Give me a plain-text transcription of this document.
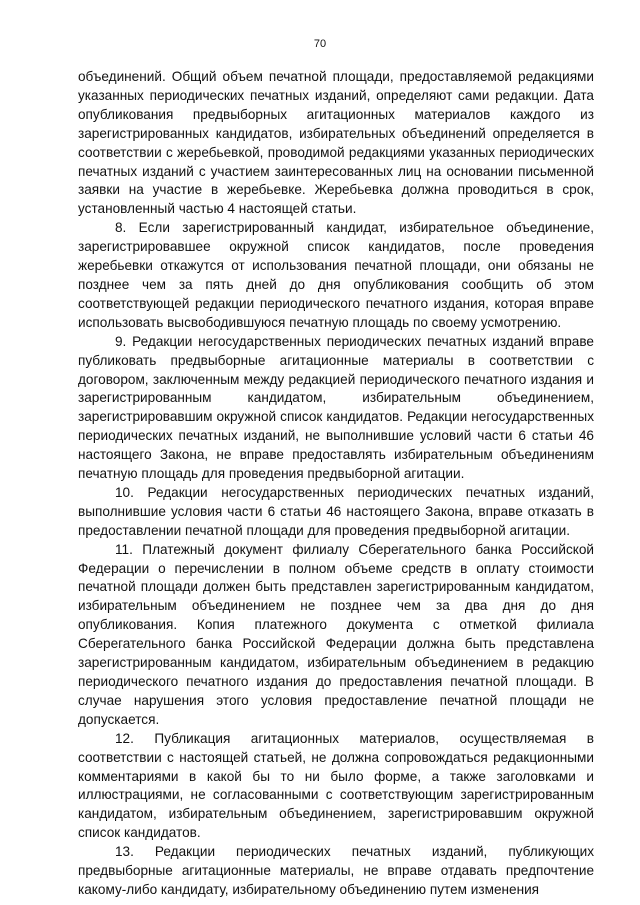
70

объединений. Общий объем печатной площади, предоставляемой редакциями указанных периодических печатных изданий, определяют сами редакции. Дата опубликования предвыборных агитационных материалов каждого из зарегистрированных кандидатов, избирательных объединений определяется в соответствии с жеребьевкой, проводимой редакциями указанных периодических печатных изданий с участием заинтересованных лиц на основании письменной заявки на участие в жеребьевке. Жеребьевка должна проводиться в срок, установленный частью 4 настоящей статьи.

8. Если зарегистрированный кандидат, избирательное объединение, зарегистрировавшее окружной список кандидатов, после проведения жеребьевки откажутся от использования печатной площади, они обязаны не позднее чем за пять дней до дня опубликования сообщить об этом соответствующей редакции периодического печатного издания, которая вправе использовать высвободившуюся печатную площадь по своему усмотрению.

9. Редакции негосударственных периодических печатных изданий вправе публиковать предвыборные агитационные материалы в соответствии с договором, заключенным между редакцией периодического печатного издания и зарегистрированным кандидатом, избирательным объединением, зарегистрировавшим окружной список кандидатов. Редакции негосударственных периодических печатных изданий, не выполнившие условий части 6 статьи 46 настоящего Закона, не вправе предоставлять избирательным объединениям печатную площадь для проведения предвыборной агитации.

10. Редакции негосударственных периодических печатных изданий, выполнившие условия части 6 статьи 46 настоящего Закона, вправе отказать в предоставлении печатной площади для проведения предвыборной агитации.

11. Платежный документ филиалу Сберегательного банка Российской Федерации о перечислении в полном объеме средств в оплату стоимости печатной площади должен быть представлен зарегистрированным кандидатом, избирательным объединением не позднее чем за два дня до дня опубликования. Копия платежного документа с отметкой филиала Сберегательного банка Российской Федерации должна быть представлена зарегистрированным кандидатом, избирательным объединением в редакцию периодического печатного издания до предоставления печатной площади. В случае нарушения этого условия предоставление печатной площади не допускается.

12. Публикация агитационных материалов, осуществляемая в соответствии с настоящей статьей, не должна сопровождаться редакционными комментариями в какой бы то ни было форме, а также заголовками и иллюстрациями, не согласованными с соответствующим зарегистрированным кандидатом, избирательным объединением, зарегистрировавшим окружной список кандидатов.

13. Редакции периодических печатных изданий, публикующих предвыборные агитационные материалы, не вправе отдавать предпочтение какому-либо кандидату, избирательному объединению путем изменения
